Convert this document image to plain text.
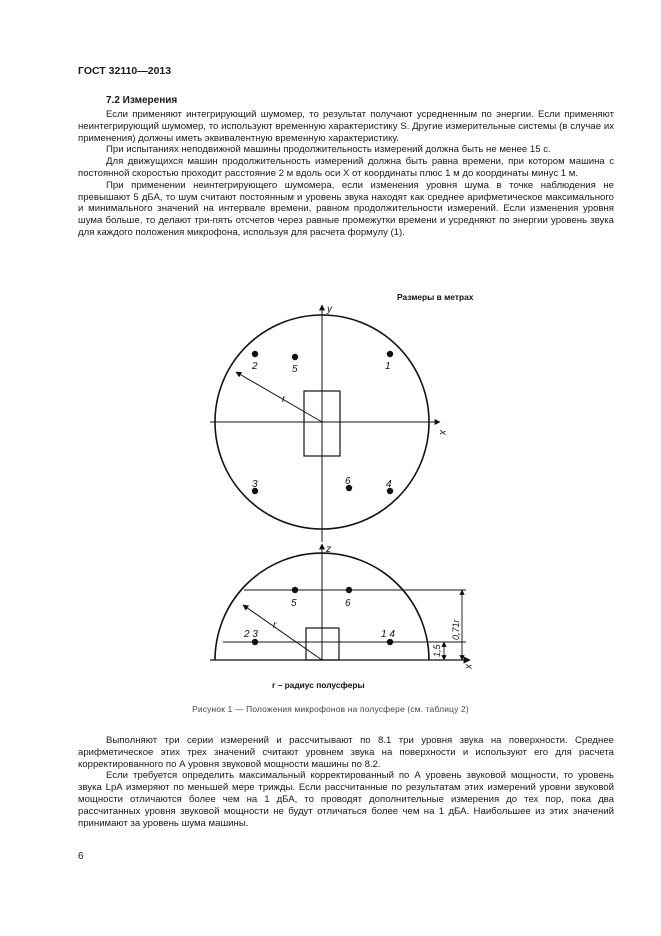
ГОСТ 32110—2013
7.2 Измерения

Если применяют интегрирующий шумомер, то результат получают усредненным по энергии. Если применяют неинтегрирующий шумомер, то используют временную характеристику S. Другие измерительные системы (в случае их применения) должны иметь эквивалентную временную характеристику.

При испытаниях неподвижной машины продолжительность измерений должна быть не менее 15 с.

Для движущихся машин продолжительность измерений должна быть равна времени, при котором машина с постоянной скоростью проходит расстояние 2 м вдоль оси X от координаты плюс 1 м до координаты минус 1 м.

При применении неинтегрирующего шумомера, если изменения уровня шума в точке наблюдения не превышают 5 дБА, то шум считают постоянным и уровень звука находят как среднее арифметическое максимального и минимального значений на интервале времени, равном продолжительности измерений. Если изменения уровня шума больше, то делают три-пять отсчетов через равные промежутки времени и усредняют по энергии уровень звука для каждого положения микрофона, используя для расчета формулу (1).

Размеры в метрах
y
x
r
2	5	1
3	6	4
z
x
0,71r
1,5
r
5	6
2 3	1 4
r – радиус полусферы
Рисунок 1 — Положения микрофонов на полусфере (см. таблицу 2)

Выполняют три серии измерений и рассчитывают по 8.1 три уровня звука на поверхности. Среднее арифметическое этих трех значений считают уровнем звука на поверхности и используют его для расчета корректированного по А уровня звуковой мощности машины по 8.2.

Если требуется определить максимальный корректированный по А уровень звуковой мощности, то уровень звука LpA измеряют по меньшей мере трижды. Если рассчитанные по результатам этих измерений уровни звуковой мощности отличаются более чем на 1 дБА, то проводят дополнительные измерения до тех пор, пока два рассчитанных уровня звуковой мощности не будут отличаться более чем на 1 дБА. Наибольшее из этих значений принимают за уровень шума машины.

6
